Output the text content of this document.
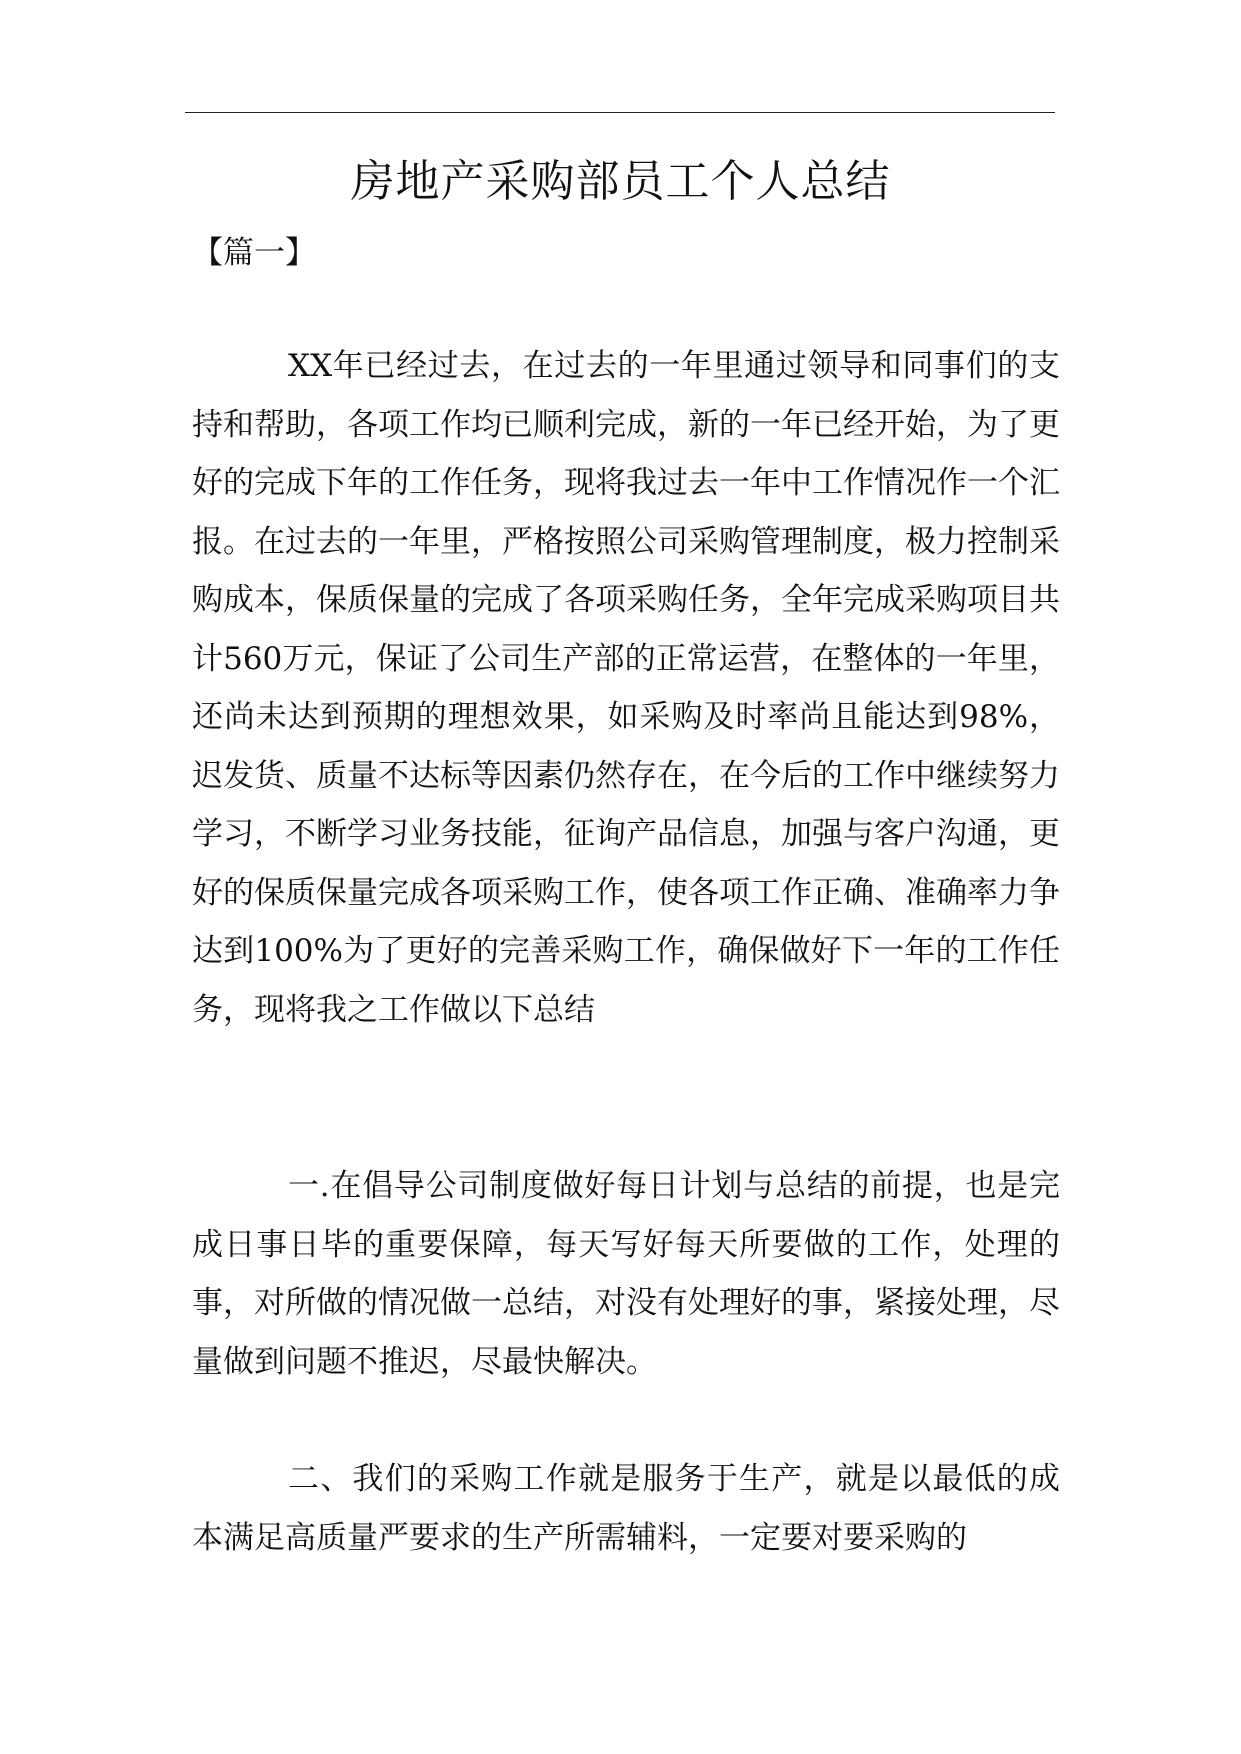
房地产采购部员工个人总结
【篇一】

XX年已经过去，在过去的一年里通过领导和同事们的支持和帮助，各项工作均已顺利完成，新的一年已经开始，为了更好的完成下年的工作任务，现将我过去一年中工作情况作一个汇报。在过去的一年里，严格按照公司采购管理制度，极力控制采购成本，保质保量的完成了各项采购任务，全年完成采购项目共计560万元，保证了公司生产部的正常运营，在整体的一年里，还尚未达到预期的理想效果，如采购及时率尚且能达到98%，迟发货、质量不达标等因素仍然存在，在今后的工作中继续努力学习，不断学习业务技能，征询产品信息，加强与客户沟通，更好的保质保量完成各项采购工作，使各项工作正确、准确率力争达到100%为了更好的完善采购工作，确保做好下一年的工作任务，现将我之工作做以下总结

一.在倡导公司制度做好每日计划与总结的前提，也是完成日事日毕的重要保障，每天写好每天所要做的工作，处理的事，对所做的情况做一总结，对没有处理好的事，紧接处理，尽量做到问题不推迟，尽最快解决。

二、我们的采购工作就是服务于生产，就是以最低的成本满足高质量严要求的生产所需辅料，一定要对要采购的
